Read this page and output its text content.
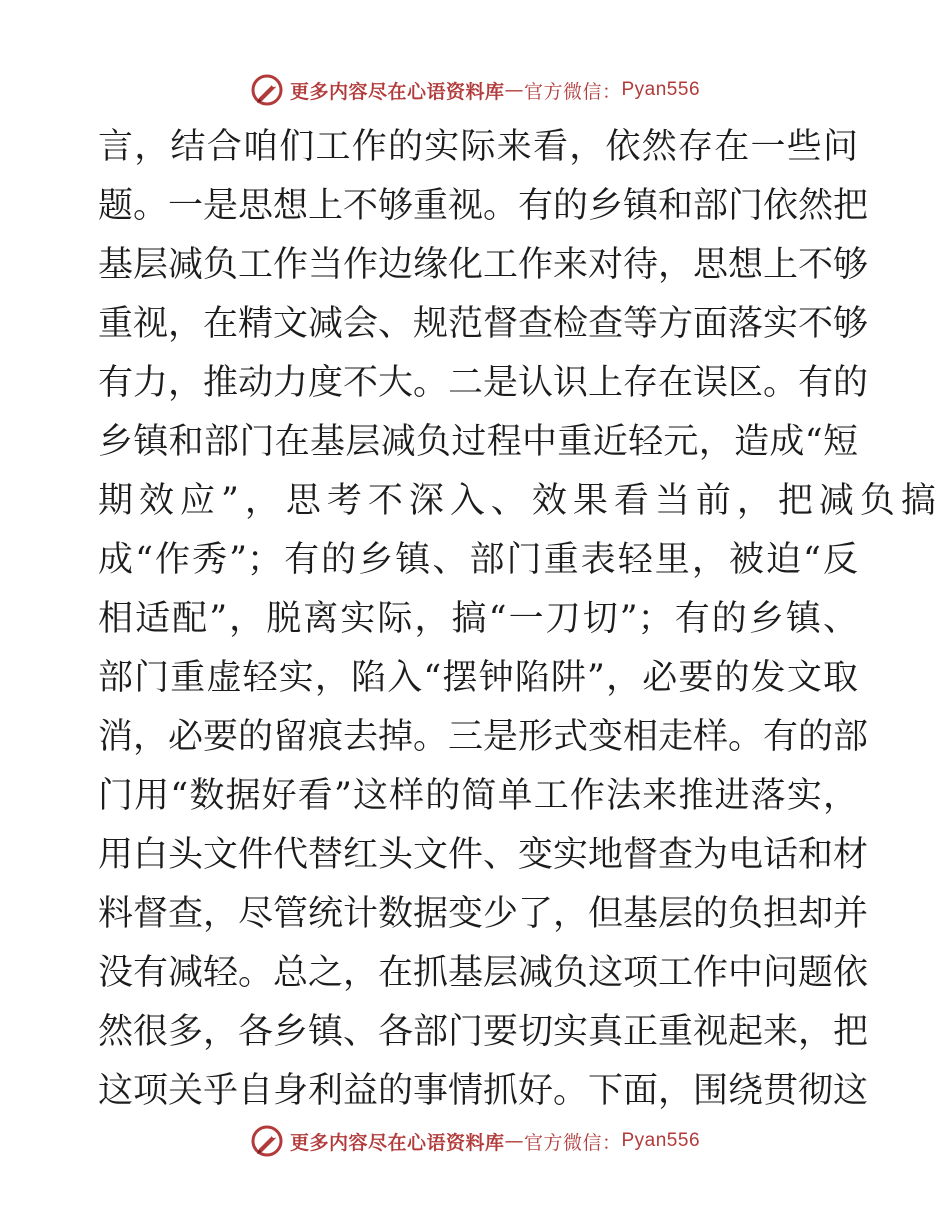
更多内容尽在心语资料库 — 官方微信： Pyan556
言，结合咱们工作的实际来看，依然存在一些问
题。一是思想上不够重视。有的乡镇和部门依然把
基层减负工作当作边缘化工作来对待，思想上不够
重视，在精文减会、规范督查检查等方面落实不够
有力，推动力度不大。二是认识上存在误区。有的
乡镇和部门在基层减负过程中重近轻元，造成“短
期效应”，思考不深入、效果看当前，把减负搞
成“作秀”；有的乡镇、部门重表轻里，被迫“反
相适配”，脱离实际，搞“一刀切”；有的乡镇、
部门重虚轻实，陷入“摆钟陷阱”，必要的发文取
消，必要的留痕去掉。三是形式变相走样。有的部
门用“数据好看”这样的简单工作法来推进落实，
用白头文件代替红头文件、变实地督查为电话和材
料督查，尽管统计数据变少了，但基层的负担却并
没有减轻。总之，在抓基层减负这项工作中问题依
然很多，各乡镇、各部门要切实真正重视起来，把
这项关乎自身利益的事情抓好。下面，围绕贯彻这
更多内容尽在心语资料库 — 官方微信： Pyan556
